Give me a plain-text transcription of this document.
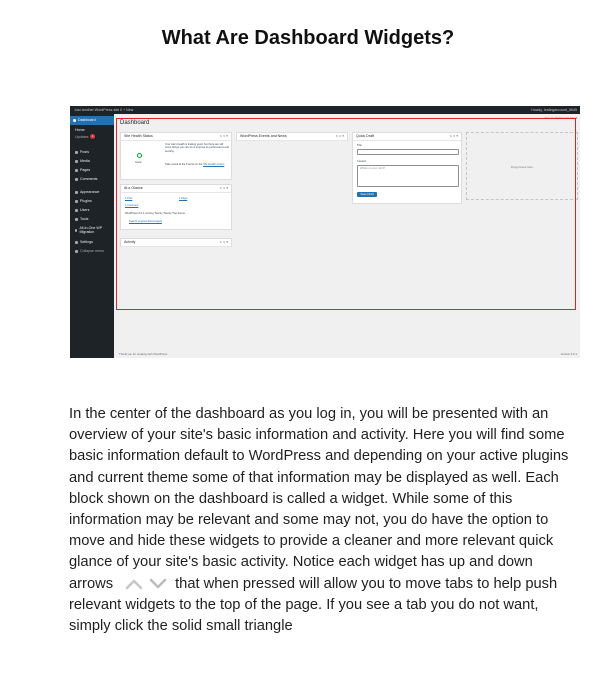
What Are Dashboard Widgets?
Just another WordPress site 0 + New	Howdy, testingaccount_5645
Dashboard
Home
Updates	1
Posts
Media
Pages
Comments
Appearance
Plugins
Users
Tools
All-in-One WP Migration
Settings
Collapse menu
Dashboard
Screen Options ▾ Help ▾
Site Health Status	∧ ∨ ▾
Good
Your site's health is looking good, but there are still some things you can do to improve its performance and security.
Take a look at the 6 items on the Site Health screen
At a Glance	∧ ∨ ▾
1 Post	1 Page
1 Comment
WordPress 6.0.1 running Twenty Twenty-Two theme.
Search engines discouraged
Activity	∧ ∨ ▾
WordPress Events and News	∧ ∨ ▾	Quick Draft	∧ ∨ ▾
Title
Content
What's on your mind?
Save Draft
Drag boxes here
Thank you for creating with WordPress.	Version 6.0.1

In the center of the dashboard as you log in, you will be presented with an overview of your site's basic information and activity. Here you will find some basic information default to WordPress and depending on your active plugins and current theme some of that information may be displayed as well. Each block shown on the dashboard is called a widget. While some of this information may be relevant and some may not, you do have the option to move and hide these widgets to provide a cleaner and more relevant quick glance of your site's basic activity. Notice each widget has up and down arrows	that when pressed will allow you to move tabs to help push relevant widgets to the top of the page. If you see a tab you do not want, simply click the solid small triangle
